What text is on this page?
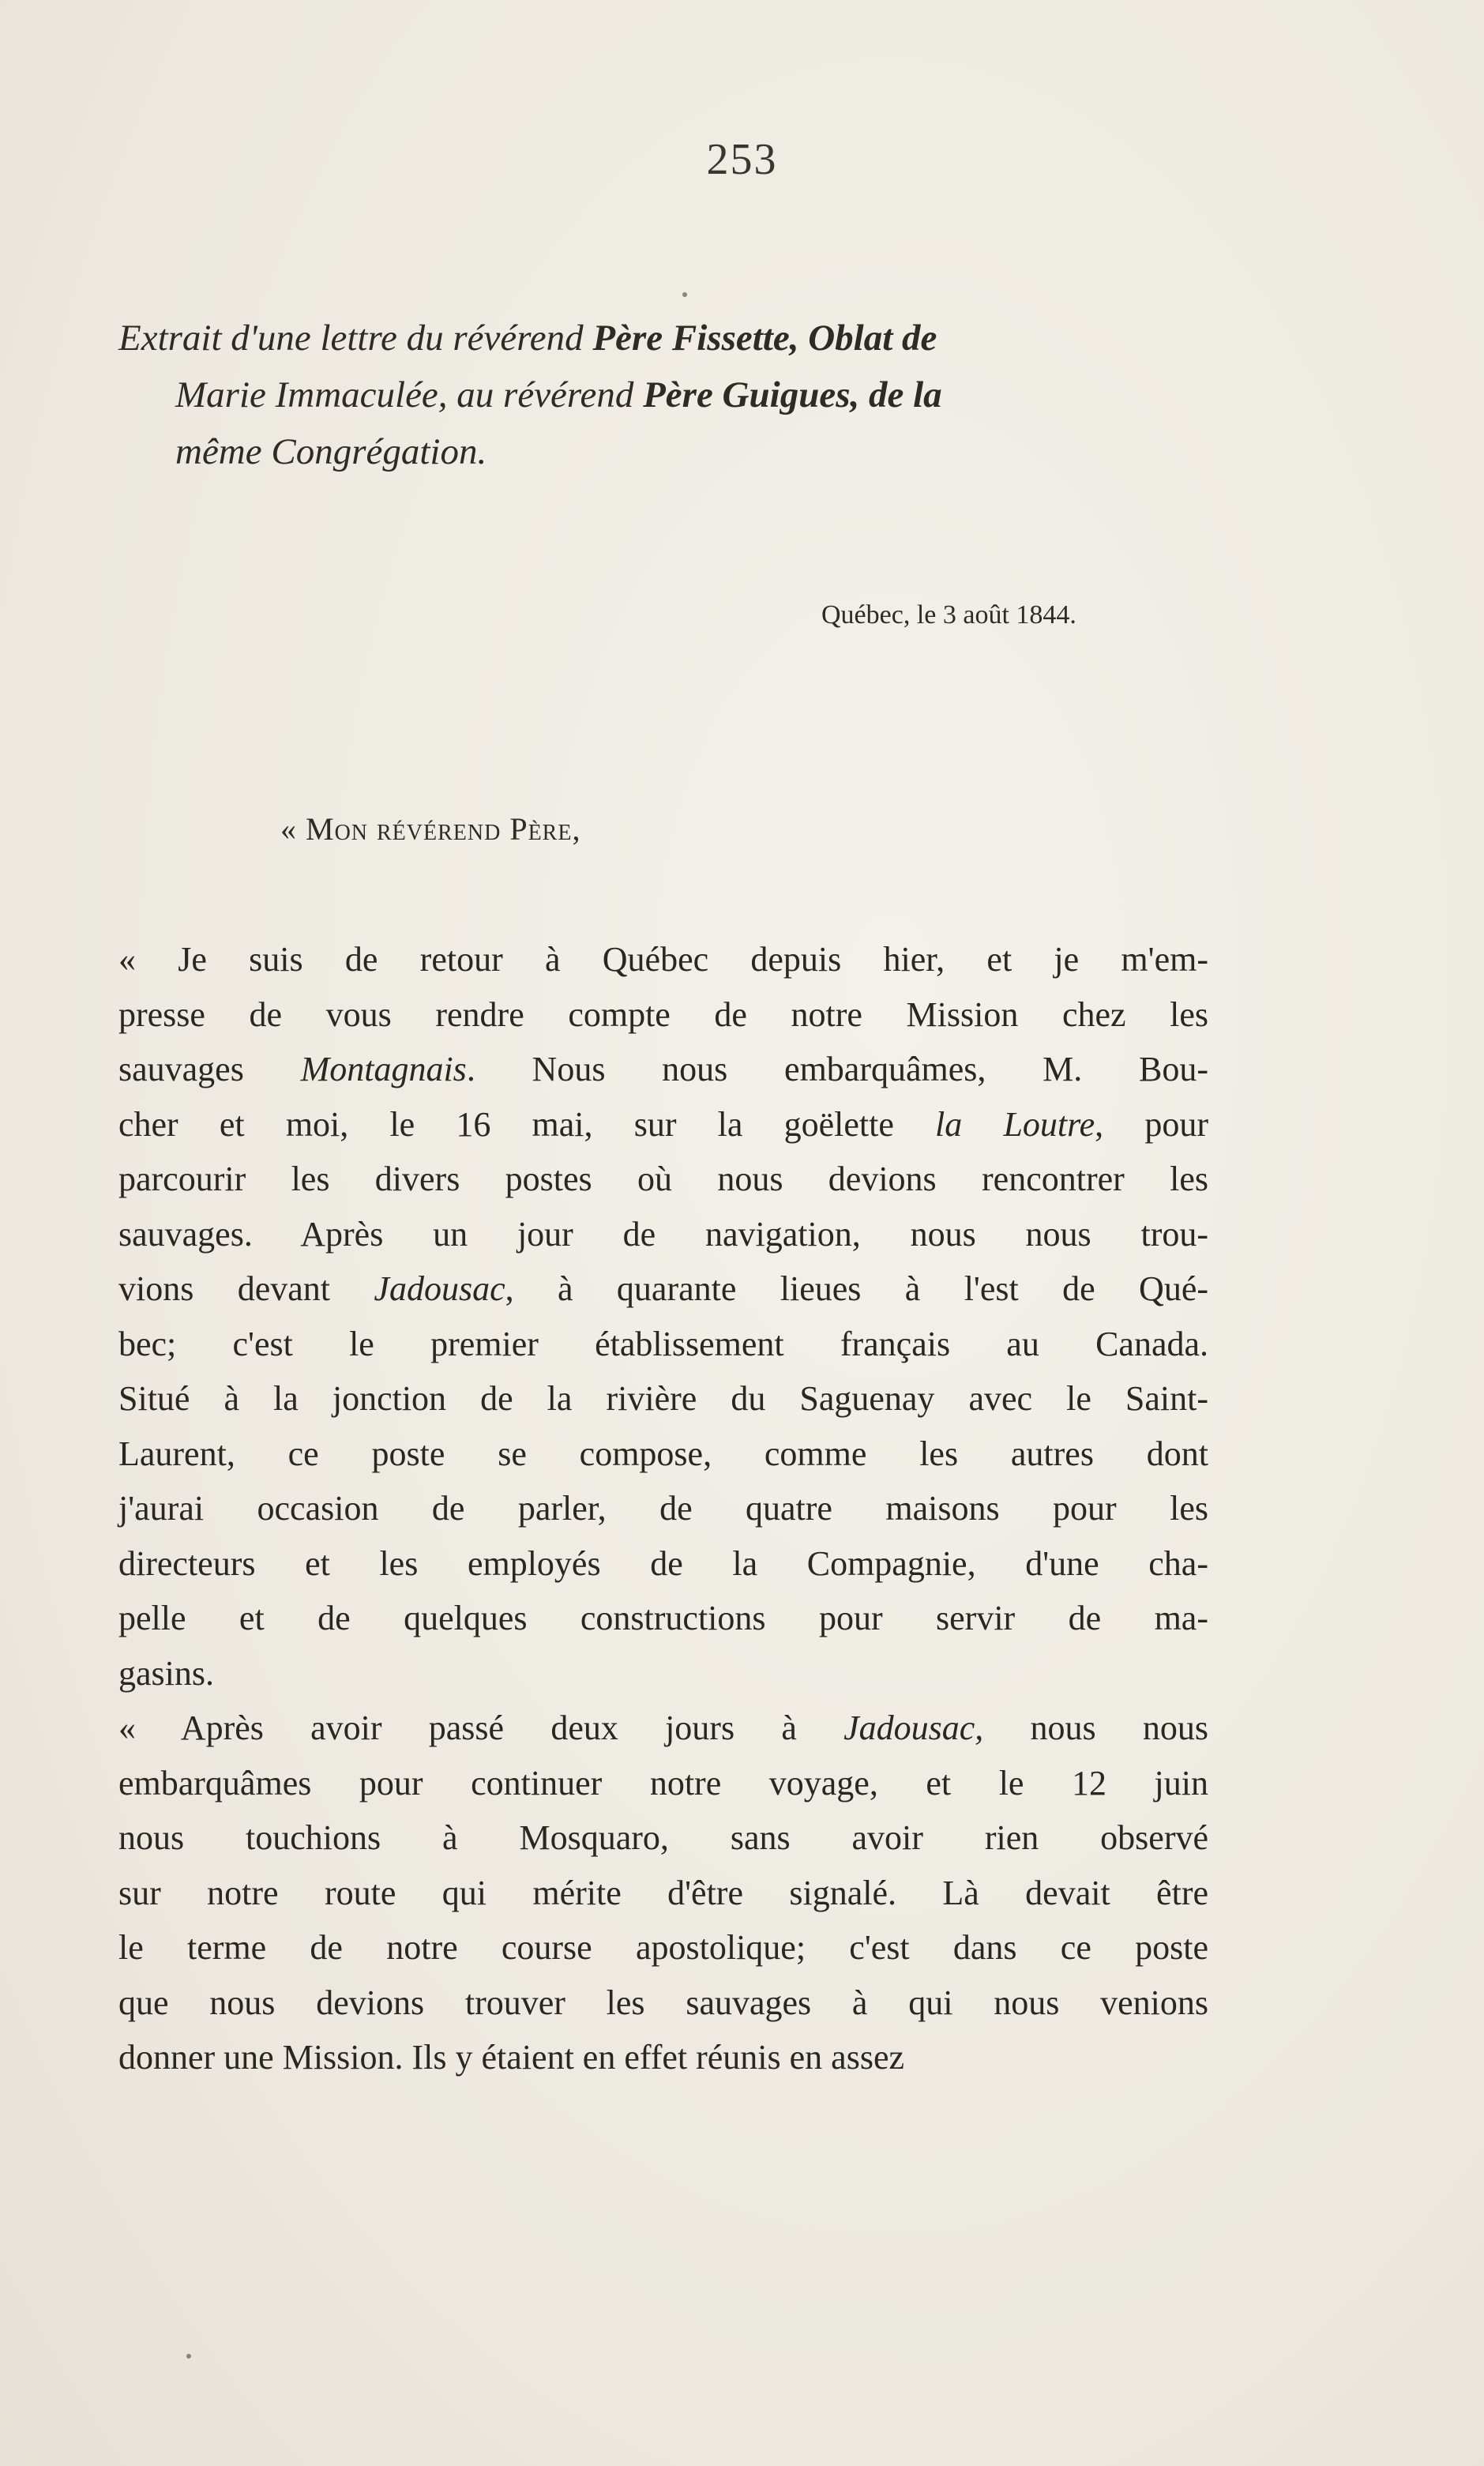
253
Extrait d'une lettre du révérend Père Fissette, Oblat de
Marie Immaculée, au révérend Père Guigues, de la
même Congrégation.
Québec, le 3 août 1844.
« Mon révérend Père,
« Je suis de retour à Québec depuis hier, et je m'em-
presse de vous rendre compte de notre Mission chez les
sauvages Montagnais. Nous nous embarquâmes, M. Bou-
cher et moi, le 16 mai, sur la goëlette la Loutre, pour
parcourir les divers postes où nous devions rencontrer les
sauvages. Après un jour de navigation, nous nous trou-
vions devant Jadousac, à quarante lieues à l'est de Qué-
bec; c'est le premier établissement français au Canada.
Situé à la jonction de la rivière du Saguenay avec le Saint-
Laurent, ce poste se compose, comme les autres dont
j'aurai occasion de parler, de quatre maisons pour les
directeurs et les employés de la Compagnie, d'une cha-
pelle et de quelques constructions pour servir de ma-
gasins.
« Après avoir passé deux jours à Jadousac, nous nous
embarquâmes pour continuer notre voyage, et le 12 juin
nous touchions à Mosquaro, sans avoir rien observé
sur notre route qui mérite d'être signalé. Là devait être
le terme de notre course apostolique; c'est dans ce poste
que nous devions trouver les sauvages à qui nous venions
donner une Mission. Ils y étaient en effet réunis en assez
